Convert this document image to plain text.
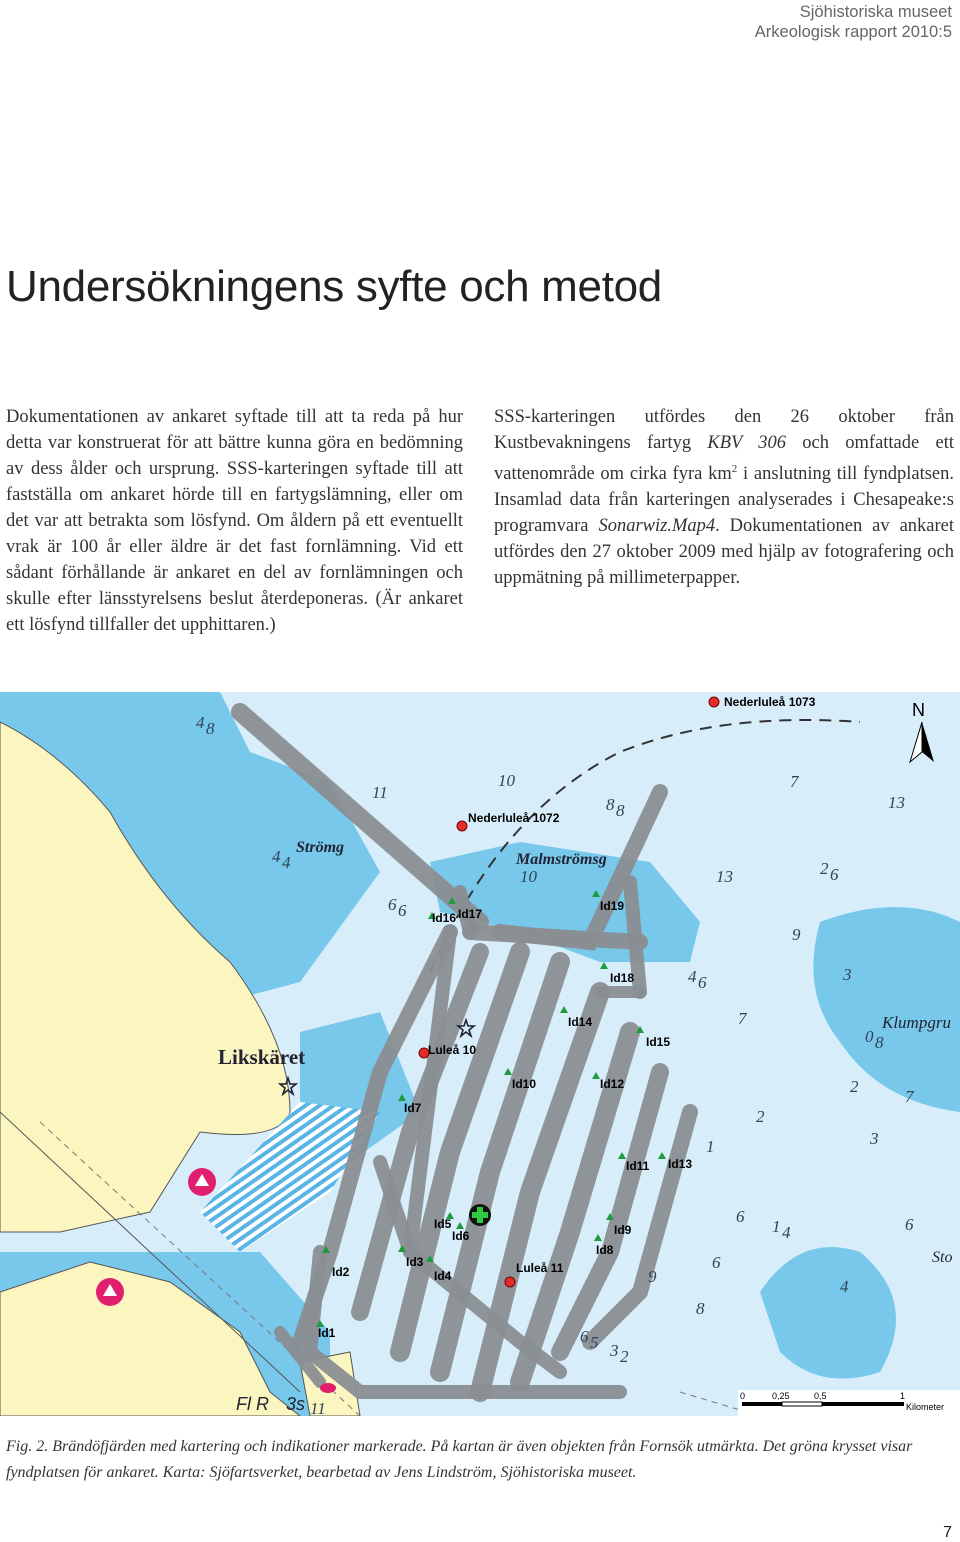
Sjöhistoriska museet
Arkeologisk rapport 2010:5
Undersökningens syfte och metod
Dokumentationen av ankaret syftade till att ta reda på hur detta var konstruerat för att bättre kunna göra en bedömning av dess ålder och ursprung. SSS-karteringen syftade till att fastställa om ankaret hörde till en fartygslämning, eller om det var att betrakta som lösfynd. Om åldern på ett eventuellt vrak är 100 år eller äldre är det fast fornlämning. Vid ett sådant förhållande är ankaret en del av fornlämningen och skulle efter länsstyrelsens beslut återdeponeras. (Är ankaret ett lösfynd tillfaller det upphittaren.)
SSS-karteringen utfördes den 26 oktober från Kustbevakningens fartyg KBV 306 och omfattade ett vattenområde om cirka fyra $km^2$ i anslutning till fyndplatsen. Insamlad data från karteringen analyserades i Chesapeake:s programvara Sonarwiz.Map4. Dokumentationen av ankaret utfördes den 27 oktober 2009 med hjälp av fotografering och uppmätning på millimeterpapper.
4 8
11
10	7
13
8 8
4 4
6 6
13	2 6
9
3
7
4 6
2
0 8
7
2
3
1 4	6
6
1
6
4
8
6 5 3 2
11
10
9
Likskäret
Strömg
Malmströmsg
Klumpgru
Sto
Fl R 3s
Nederluleå 1073
Nederluleå 1072
Luleå 10
Luleå 11
Id1
Id2
Id3
Id4
Id5
Id6
Id7
Id8
Id9
Id10
Id11
Id12
Id13
Id14
Id15
Id16 Id17
Id18
Id19
N
0	0,25	0,5	1
Kilometer
Fig. 2. Brändöfjärden med kartering och indikationer markerade. På kartan är även objekten från Fornsök utmärkta. Det gröna krysset visar fyndplatsen för ankaret. Karta: Sjöfartsverket, bearbetad av Jens Lindström, Sjöhistoriska museet.
7
